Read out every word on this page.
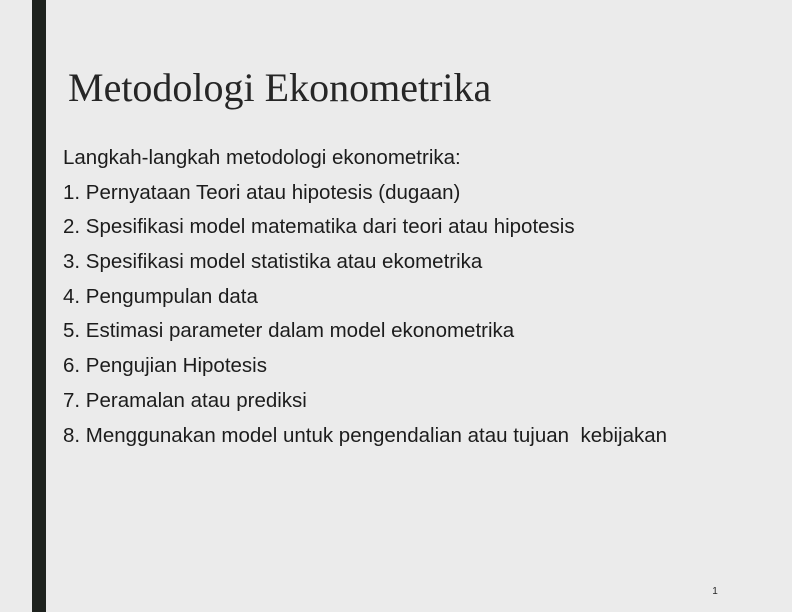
Metodologi Ekonometrika
Langkah-langkah metodologi ekonometrika:
1. Pernyataan Teori atau hipotesis (dugaan)
2. Spesifikasi model matematika dari teori atau hipotesis
3. Spesifikasi model statistika atau ekometrika
4. Pengumpulan data
5. Estimasi parameter dalam model ekonometrika
6. Pengujian Hipotesis
7. Peramalan atau prediksi
8. Menggunakan model untuk pengendalian atau tujuan  kebijakan
1
